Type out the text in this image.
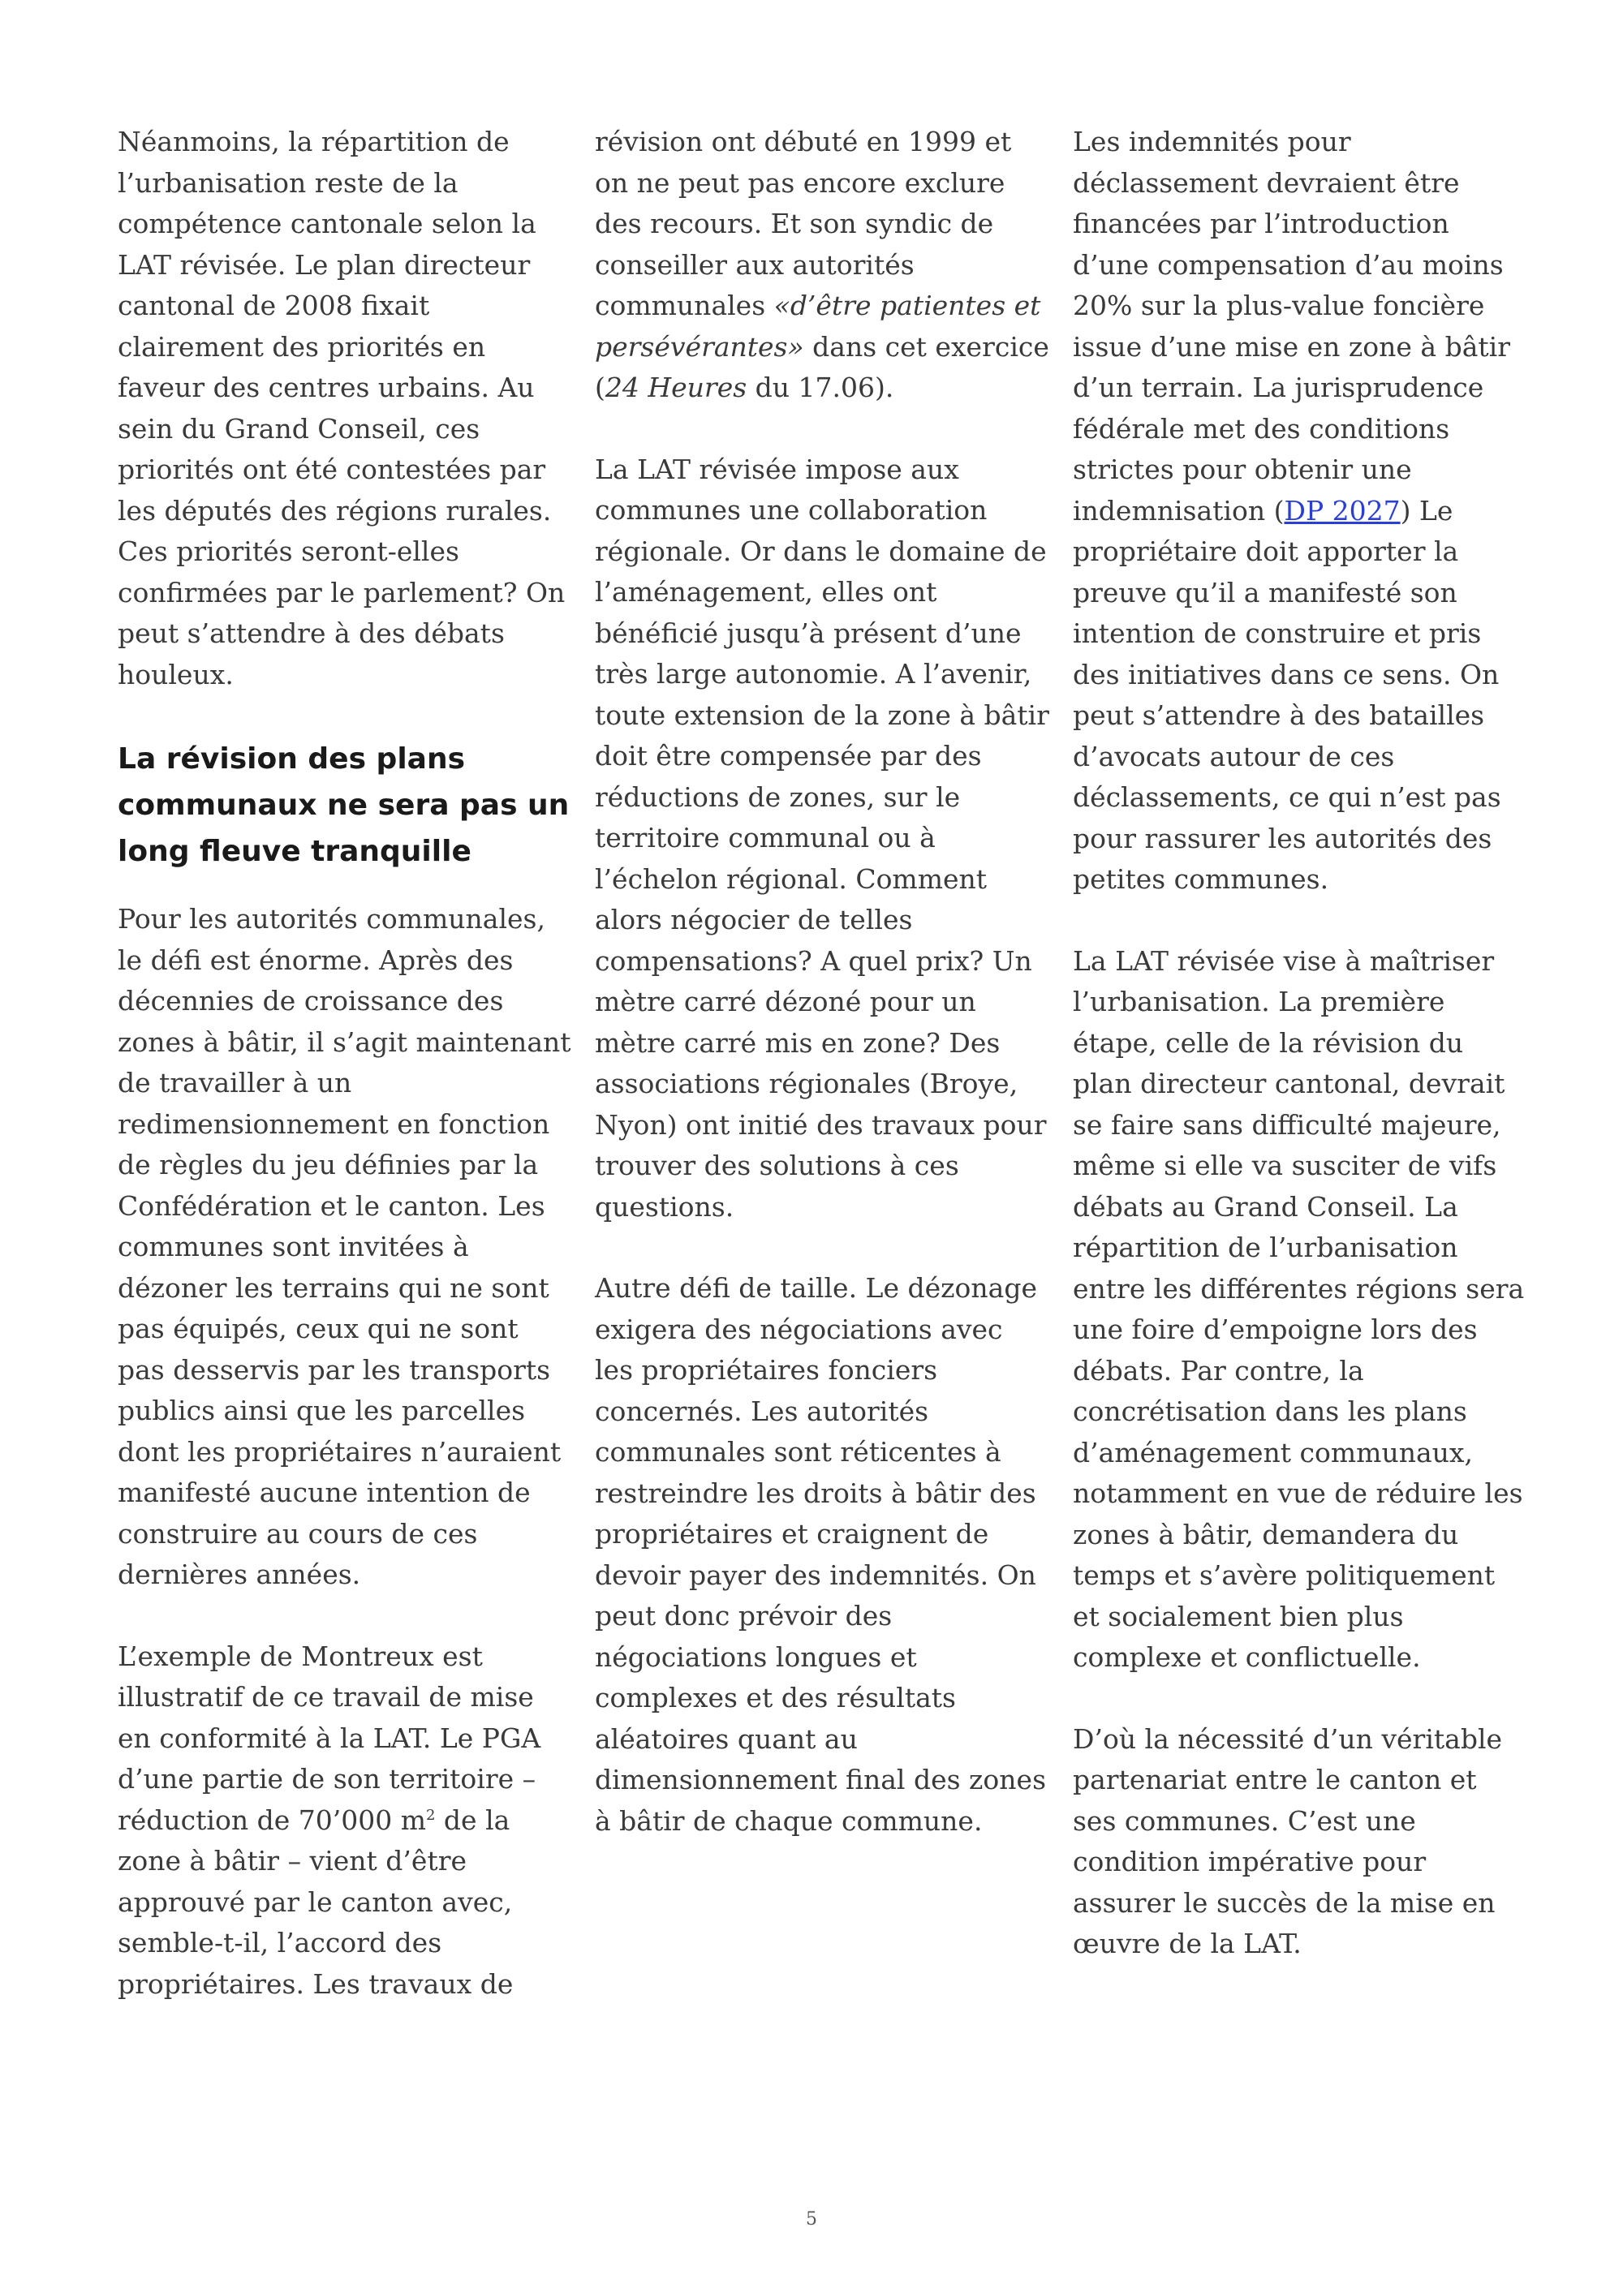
Néanmoins, la répartition de l’urbanisation reste de la compétence cantonale selon la LAT révisée. Le plan directeur cantonal de 2008 fixait clairement des priorités en faveur des centres urbains. Au sein du Grand Conseil, ces priorités ont été contestées par les députés des régions rurales. Ces priorités seront-elles confirmées par le parlement? On peut s’attendre à des débats houleux.

La révision des plans communaux ne sera pas un long fleuve tranquille

Pour les autorités communales, le défi est énorme. Après des décennies de croissance des zones à bâtir, il s’agit maintenant de travailler à un redimensionnement en fonction de règles du jeu définies par la Confédération et le canton. Les communes sont invitées à dézoner les terrains qui ne sont pas équipés, ceux qui ne sont pas desservis par les transports publics ainsi que les parcelles dont les propriétaires n’auraient manifesté aucune intention de construire au cours de ces dernières années.

L’exemple de Montreux est illustratif de ce travail de mise en conformité à la LAT. Le PGA d’une partie de son territoire – réduction de 70’000 $m^2$ de la zone à bâtir – vient d’être approuvé par le canton avec, semble-t-il, l’accord des propriétaires. Les travaux de

révision ont débuté en 1999 et on ne peut pas encore exclure des recours. Et son syndic de conseiller aux autorités communales «d’être patientes et persévérantes» dans cet exercice (24 Heures du 17.06).

La LAT révisée impose aux communes une collaboration régionale. Or dans le domaine de l’aménagement, elles ont bénéficié jusqu’à présent d’une très large autonomie. A l’avenir, toute extension de la zone à bâtir doit être compensée par des réductions de zones, sur le territoire communal ou à l’échelon régional. Comment alors négocier de telles compensations? A quel prix? Un mètre carré dézoné pour un mètre carré mis en zone? Des associations régionales (Broye, Nyon) ont initié des travaux pour trouver des solutions à ces questions.

Autre défi de taille. Le dézonage exigera des négociations avec les propriétaires fonciers concernés. Les autorités communales sont réticentes à restreindre les droits à bâtir des propriétaires et craignent de devoir payer des indemnités. On peut donc prévoir des négociations longues et complexes et des résultats aléatoires quant au dimensionnement final des zones à bâtir de chaque commune.

Les indemnités pour déclassement devraient être financées par l’introduction d’une compensation d’au moins 20% sur la plus-value foncière issue d’une mise en zone à bâtir d’un terrain. La jurisprudence fédérale met des conditions strictes pour obtenir une indemnisation (DP 2027) Le propriétaire doit apporter la preuve qu’il a manifesté son intention de construire et pris des initiatives dans ce sens. On peut s’attendre à des batailles d’avocats autour de ces déclassements, ce qui n’est pas pour rassurer les autorités des petites communes.

La LAT révisée vise à maîtriser l’urbanisation. La première étape, celle de la révision du plan directeur cantonal, devrait se faire sans difficulté majeure, même si elle va susciter de vifs débats au Grand Conseil. La répartition de l’urbanisation entre les différentes régions sera une foire d’empoigne lors des débats. Par contre, la concrétisation dans les plans d’aménagement communaux, notamment en vue de réduire les zones à bâtir, demandera du temps et s’avère politiquement et socialement bien plus complexe et conflictuelle.

D’où la nécessité d’un véritable partenariat entre le canton et ses communes. C’est une condition impérative pour assurer le succès de la mise en œuvre de la LAT.

5
